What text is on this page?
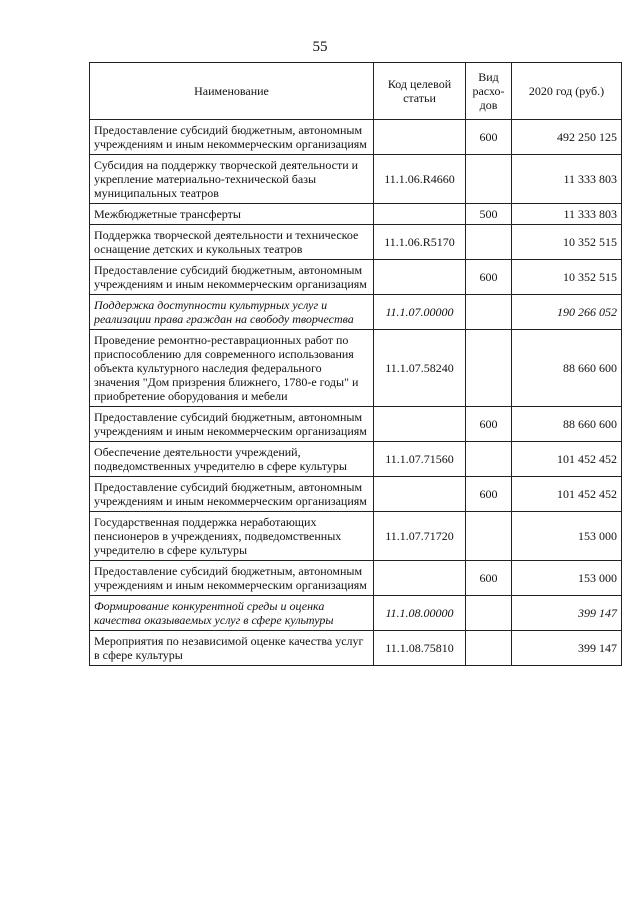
55
Наименование	Код целевой статьи	Вид расхо-дов	2020 год (руб.)
Предоставление субсидий бюджетным, автономным учреждениям и иным некоммерческим организациям		600	492 250 125
Субсидия на поддержку творческой деятельности и укрепление материально-технической базы муниципальных театров	11.1.06.R4660		11 333 803
Межбюджетные трансферты		500	11 333 803
Поддержка творческой деятельности и техническое оснащение детских и кукольных театров	11.1.06.R5170		10 352 515
Предоставление субсидий бюджетным, автономным учреждениям и иным некоммерческим организациям		600	10 352 515
Поддержка доступности культурных услуг и реализации права граждан на свободу творчества	11.1.07.00000		190 266 052
Проведение ремонтно-реставрационных работ по приспособлению для современного использования объекта культурного наследия федерального значения "Дом призрения ближнего, 1780-е годы" и приобретение оборудования и мебели	11.1.07.58240		88 660 600
Предоставление субсидий бюджетным, автономным учреждениям и иным некоммерческим организациям		600	88 660 600
Обеспечение деятельности учреждений, подведомственных учредителю в сфере культуры	11.1.07.71560		101 452 452
Предоставление субсидий бюджетным, автономным учреждениям и иным некоммерческим организациям		600	101 452 452
Государственная поддержка неработающих пенсионеров в учреждениях, подведомственных учредителю в сфере культуры	11.1.07.71720		153 000
Предоставление субсидий бюджетным, автономным учреждениям и иным некоммерческим организациям		600	153 000
Формирование конкурентной среды и оценка качества оказываемых услуг в сфере культуры	11.1.08.00000		399 147
Мероприятия по независимой оценке качества услуг в сфере культуры	11.1.08.75810		399 147
